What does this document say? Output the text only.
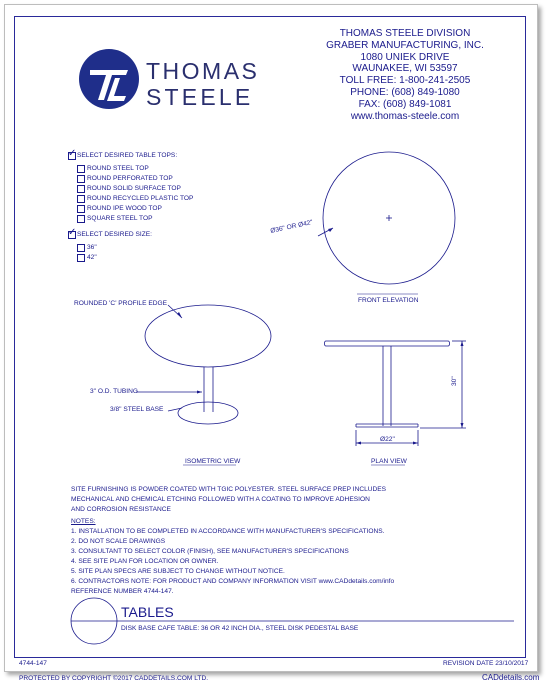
THOMAS
STEELE
THOMAS STEELE DIVISION
GRABER MANUFACTURING, INC.
1080 UNIEK DRIVE
WAUNAKEE, WI 53597
TOLL FREE: 1-800-241-2505
PHONE: (608) 849-1080
FAX: (608) 849-1081
www.thomas-steele.com
✓ SELECT DESIRED TABLE TOPS:
ROUND STEEL TOP
ROUND PERFORATED TOP
ROUND SOLID SURFACE TOP
ROUND RECYCLED PLASTIC TOP
ROUND IPE WOOD TOP
SQUARE STEEL TOP
✓ SELECT DESIRED SIZE:
36"
42"
Ø36" OR Ø42"
FRONT ELEVATION
ROUNDED 'C' PROFILE EDGE
3" O.D. TUBING
3/8" STEEL BASE
ISOMETRIC VIEW
30"
Ø22"
PLAN VIEW
SITE FURNISHING IS POWDER COATED WITH TGIC POLYESTER. STEEL SURFACE PREP INCLUDES
MECHANICAL AND CHEMICAL ETCHING FOLLOWED WITH A COATING TO IMPROVE ADHESION
AND CORROSION RESISTANCE
NOTES:
1. INSTALLATION TO BE COMPLETED IN ACCORDANCE WITH MANUFACTURER'S SPECIFICATIONS.
2. DO NOT SCALE DRAWINGS
3. CONSULTANT TO SELECT COLOR (FINISH), SEE MANUFACTURER'S SPECIFICATIONS
4. SEE SITE PLAN FOR LOCATION OR OWNER.
5. SITE PLAN SPECS ARE SUBJECT TO CHANGE WITHOUT NOTICE.
6. CONTRACTORS NOTE: FOR PRODUCT AND COMPANY INFORMATION VISIT www.CADdetails.com/info
REFERENCE NUMBER 4744-147.
TABLES
DISK BASE CAFE TABLE: 36 OR 42 INCH DIA., STEEL DISK PEDESTAL BASE
4744-147	REVISION DATE 23/10/2017
PROTECTED BY COPYRIGHT ©2017 CADDETAILS.COM LTD.	CADdetails.com
